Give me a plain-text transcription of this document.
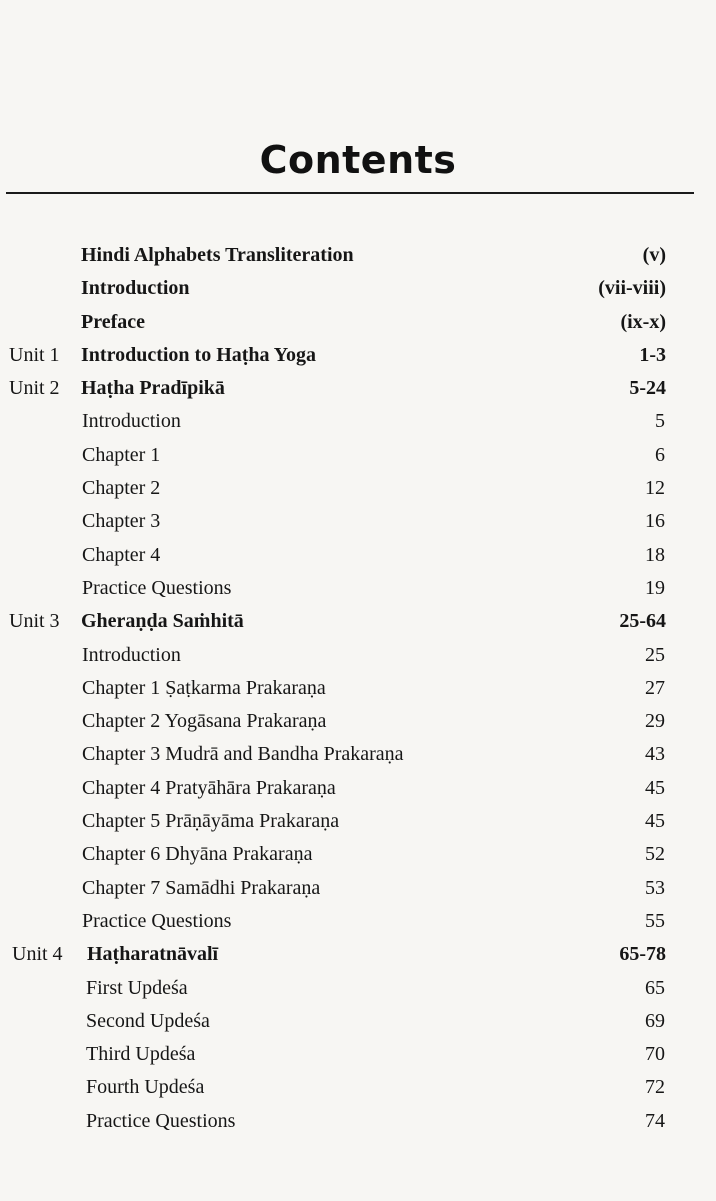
Contents
Hindi Alphabets Transliteration	(v)
Introduction	(vii-viii)
Preface	(ix-x)
Unit 1 Introduction to Haṭha Yoga	1-3
Unit 2 Haṭha Pradīpikā	5-24
Introduction	5
Chapter 1	6
Chapter 2	12
Chapter 3	16
Chapter 4	18
Practice Questions	19
Unit 3 Gheraṇḍa Saṁhitā	25-64
Introduction	25
Chapter 1 Ṣaṭkarma Prakaraṇa	27
Chapter 2 Yogāsana Prakaraṇa	29
Chapter 3 Mudrā and Bandha Prakaraṇa	43
Chapter 4 Pratyāhāra Prakaraṇa	45
Chapter 5 Prāṇāyāma Prakaraṇa	45
Chapter 6 Dhyāna Prakaraṇa	52
Chapter 7 Samādhi Prakaraṇa	53
Practice Questions	55
Unit 4 Haṭharatnāvalī	65-78
First Updeśa	65
Second Updeśa	69
Third Updeśa	70
Fourth Updeśa	72
Practice Questions	74
